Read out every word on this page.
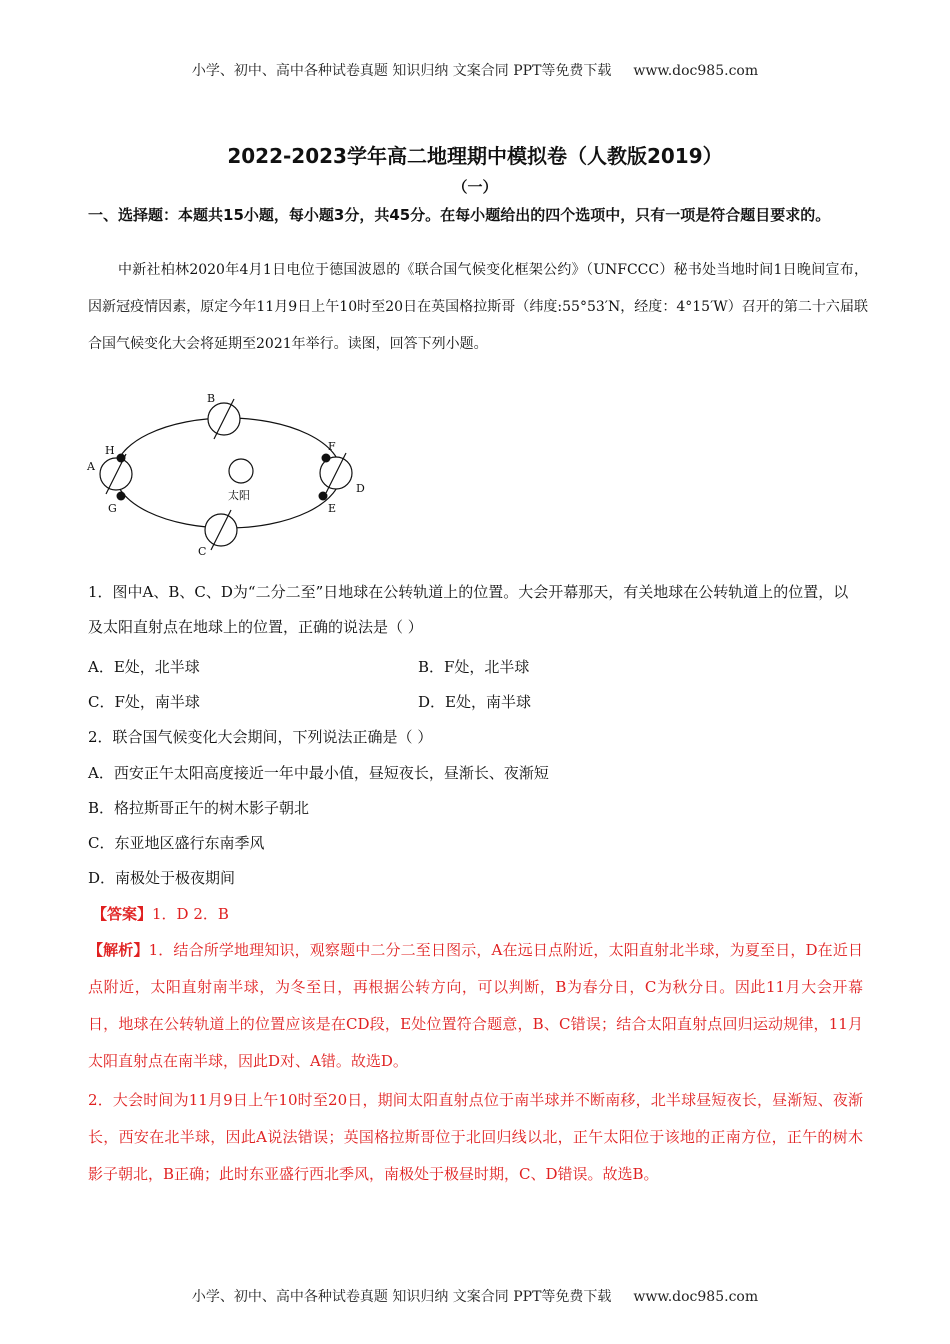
小学、初中、高中各种试卷真题 知识归纳 文案合同 PPT等免费下载 www.doc985.com
2022-2023学年高二地理期中模拟卷（人教版2019）
（一）
一、选择题：本题共15小题，每小题3分，共45分。在每小题给出的四个选项中，只有一项是符合题目要求的。
中新社柏林2020年4月1日电位于德国波恩的《联合国气候变化框架公约》（UNFCCC）秘书处当地时间1日晚间宣布，因新冠疫情因素，原定今年11月9日上午10时至20日在英国格拉斯哥（纬度:55°53′N，经度：4°15′W）召开的第二十六届联合国气候变化大会将延期至2021年举行。读图，回答下列小题。
太阳
B
C
A
H
G
D
F
E
1．图中A、B、C、D为“二分二至”日地球在公转轨道上的位置。大会开幕那天，有关地球在公转轨道上的位置，以及太阳直射点在地球上的位置，正确的说法是（ ）
A．E处，北半球	B．F处，北半球
C．F处，南半球	D．E处，南半球
2．联合国气候变化大会期间，下列说法正确是（ ）
A．西安正午太阳高度接近一年中最小值，昼短夜长，昼渐长、夜渐短
B．格拉斯哥正午的树木影子朝北
C．东亚地区盛行东南季风
D．南极处于极夜期间
【答案】1．D 2．B
【解析】1．结合所学地理知识，观察题中二分二至日图示，A在远日点附近，太阳直射北半球，为夏至日，D在近日点附近，太阳直射南半球，为冬至日，再根据公转方向，可以判断，B为春分日，C为秋分日。因此11月大会开幕日，地球在公转轨道上的位置应该是在CD段，E处位置符合题意，B、C错误；结合太阳直射点回归运动规律，11月太阳直射点在南半球，因此D对、A错。故选D。
2．大会时间为11月9日上午10时至20日，期间太阳直射点位于南半球并不断南移，北半球昼短夜长，昼渐短、夜渐长，西安在北半球，因此A说法错误；英国格拉斯哥位于北回归线以北，正午太阳位于该地的正南方位，正午的树木影子朝北，B正确；此时东亚盛行西北季风，南极处于极昼时期，C、D错误。故选B。
小学、初中、高中各种试卷真题 知识归纳 文案合同 PPT等免费下载 www.doc985.com
